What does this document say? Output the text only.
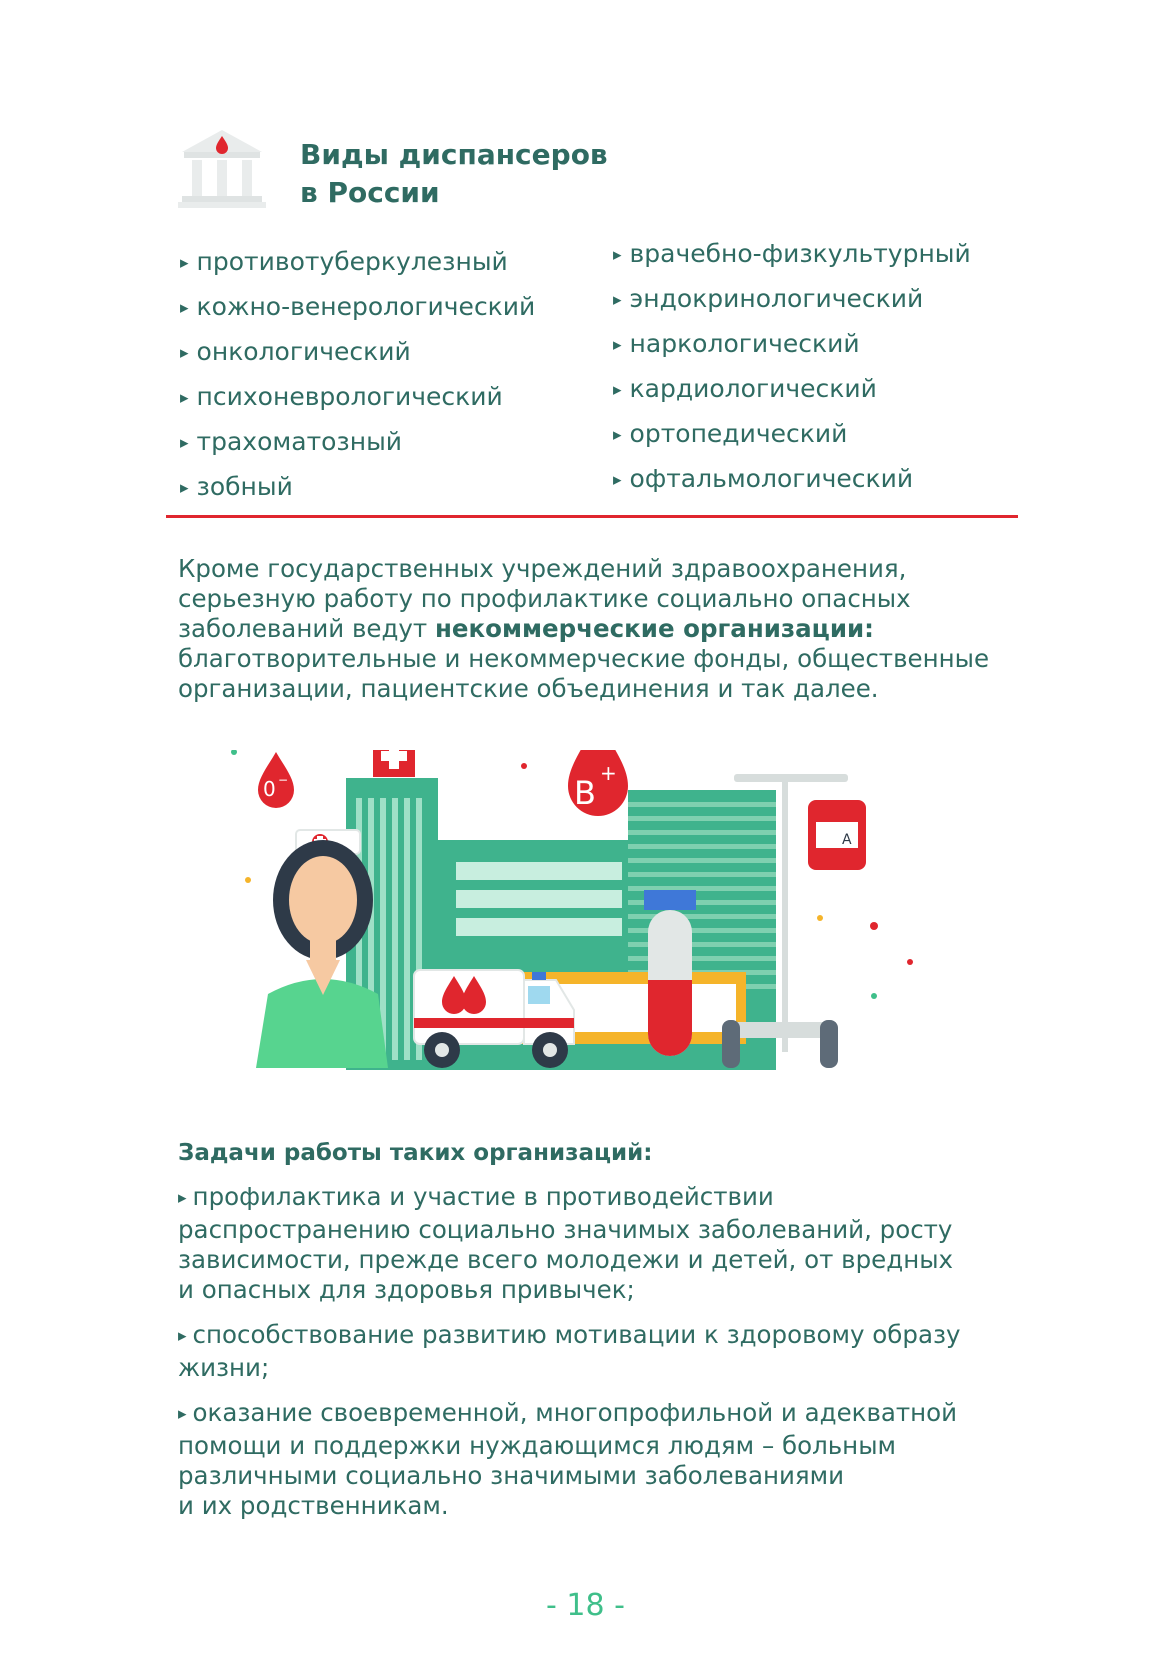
Виды диспансеров
в России
▸ противотуберкулезный
▸ кожно-венерологический
▸ онкологический
▸ психоневрологический
▸ трахоматозный
▸ зобный
▸ врачебно-физкультурный
▸ эндокринологический
▸ наркологический
▸ кардиологический
▸ ортопедический
▸ офтальмологический

Кроме государственных учреждений здравоохранения,
серьезную работу по профилактике социально опасных
заболеваний ведут некоммерческие организации:
благотворительные и некоммерческие фонды, общественные
организации, пациентские объединения и так далее.

0 −	B
+
A
Задачи работы таких организаций:
▸ профилактика и участие в противодействии
распространению социально значимых заболеваний, росту
зависимости, прежде всего молодежи и детей, от вредных
и опасных для здоровья привычек;
▸ способствование развитию мотивации к здоровому образу
жизни;
▸ оказание своевременной, многопрофильной и адекватной
помощи и поддержки нуждающимся людям – больным
различными социально значимыми заболеваниями
и их родственникам.
- 18 -
